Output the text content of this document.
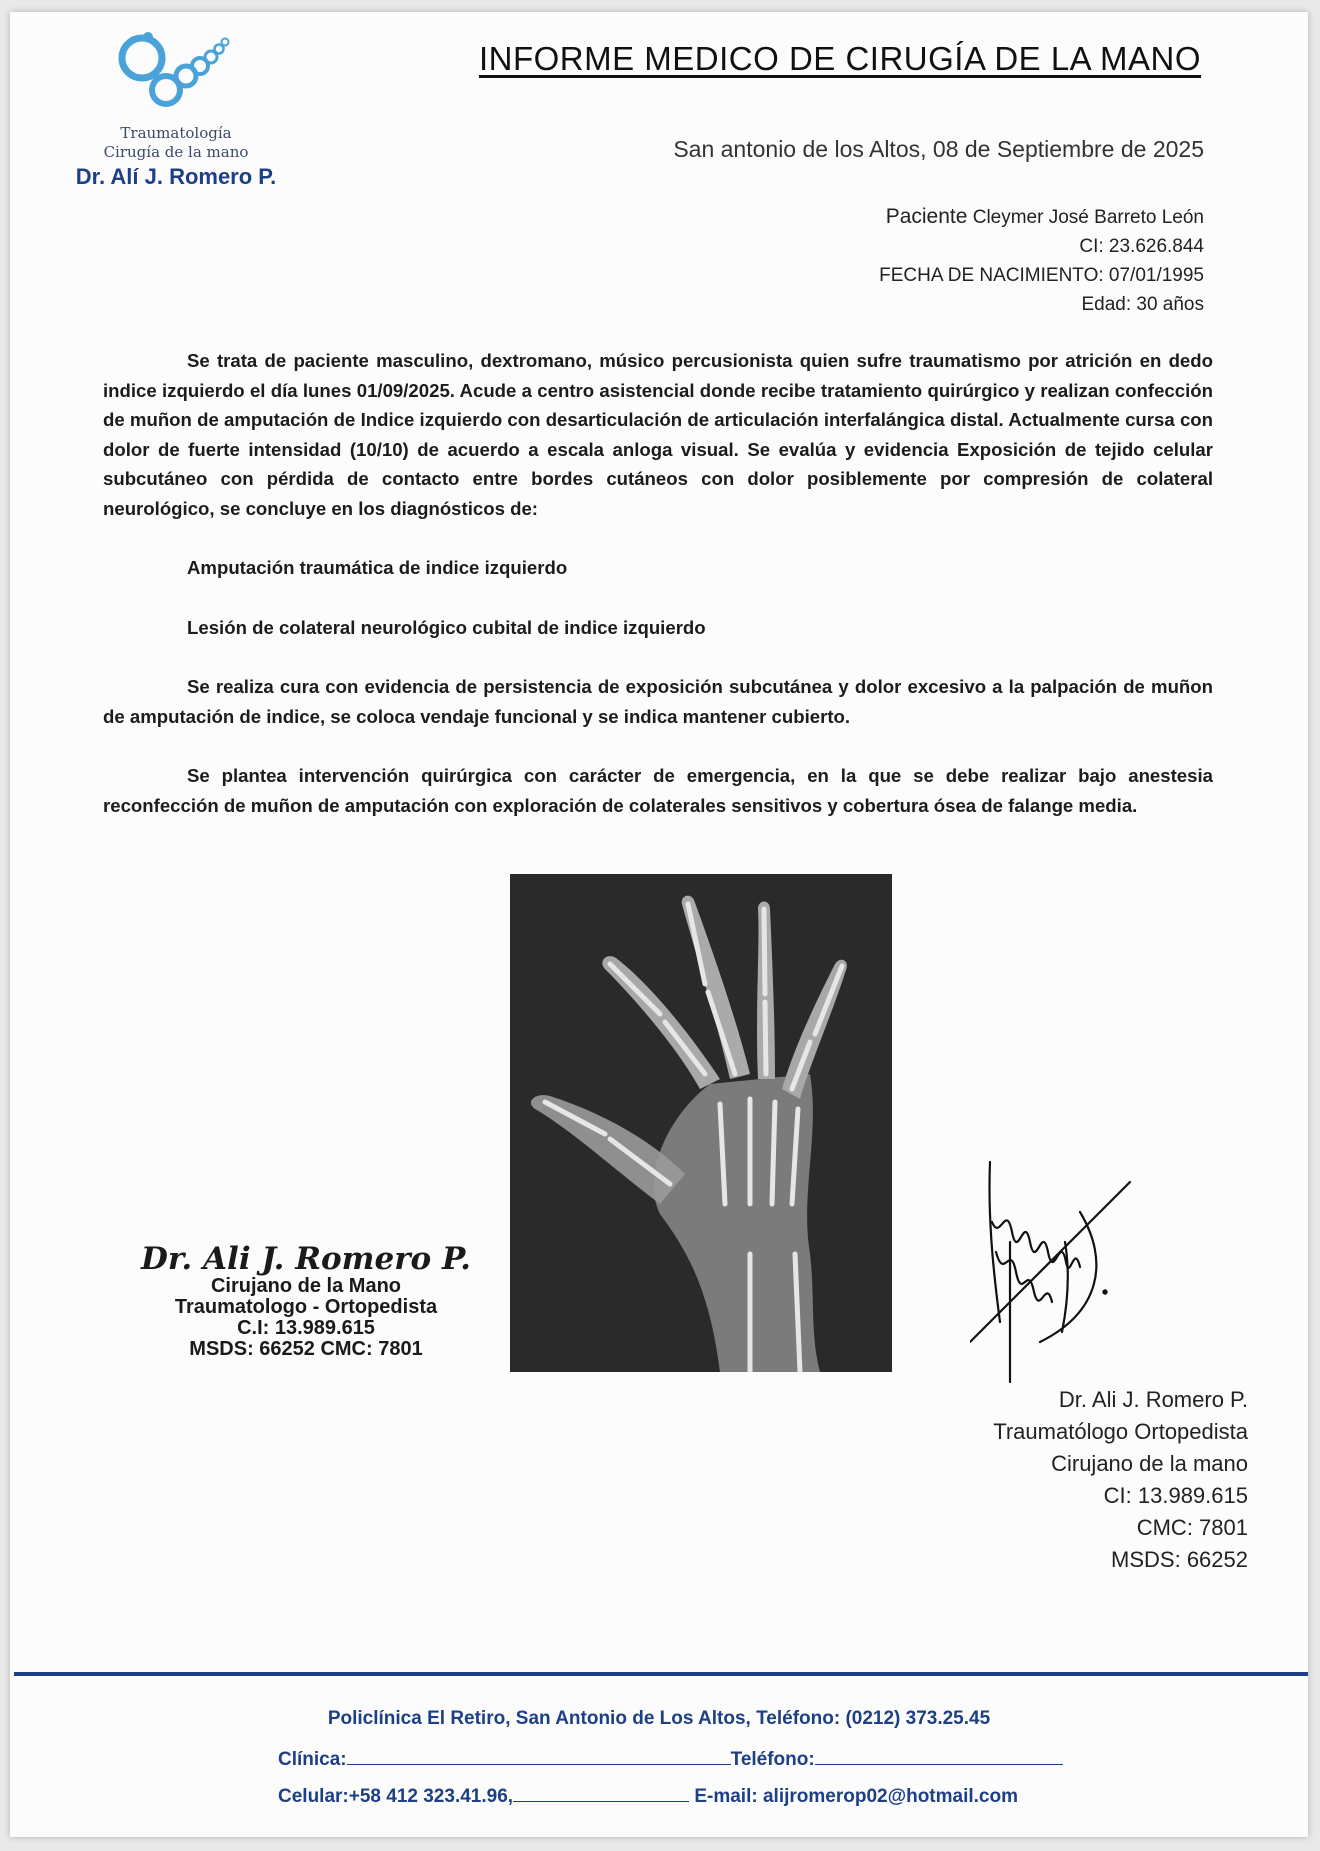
Traumatología
Cirugía de la mano
Dr. Alí J. Romero P.
INFORME MEDICO DE CIRUGÍA DE LA MANO
San antonio de los Altos, 08 de Septiembre de 2025
Paciente Cleymer José Barreto León
CI: 23.626.844
FECHA DE NACIMIENTO: 07/01/1995
Edad: 30 años

Se trata de paciente masculino, dextromano, músico percusionista quien sufre traumatismo por atrición en dedo indice izquierdo el día lunes 01/09/2025. Acude a centro asistencial donde recibe tratamiento quirúrgico y realizan confección de muñon de amputación de Indice izquierdo con desarticulación de articulación interfalángica distal. Actualmente cursa con dolor de fuerte intensidad (10/10) de acuerdo a escala anloga visual. Se evalúa y evidencia Exposición de tejido celular subcutáneo con pérdida de contacto entre bordes cutáneos con dolor posiblemente por compresión de colateral neurológico, se concluye en los diagnósticos de:

Amputación traumática de indice izquierdo

Lesión de colateral neurológico cubital de indice izquierdo

Se realiza cura con evidencia de persistencia de exposición subcutánea y dolor excesivo a la palpación de muñon de amputación de indice, se coloca vendaje funcional y se indica mantener cubierto.

Se plantea intervención quirúrgica con carácter de emergencia, en la que se debe realizar bajo anestesia reconfección de muñon de amputación con exploración de colaterales sensitivos y cobertura ósea de falange media.

Dr. Ali J. Romero P.
Cirujano de la Mano
Traumatologo - Ortopedista
C.I: 13.989.615
MSDS: 66252 CMC: 7801
Dr. Ali J. Romero P.
Traumatólogo Ortopedista
Cirujano de la mano
CI: 13.989.615
CMC: 7801
MSDS: 66252
Policlínica El Retiro, San Antonio de Los Altos, Teléfono: (0212) 373.25.45
Clínica:	Teléfono:
Celular:+58 412 323.41.96,	E-mail: alijromerop02@hotmail.com
